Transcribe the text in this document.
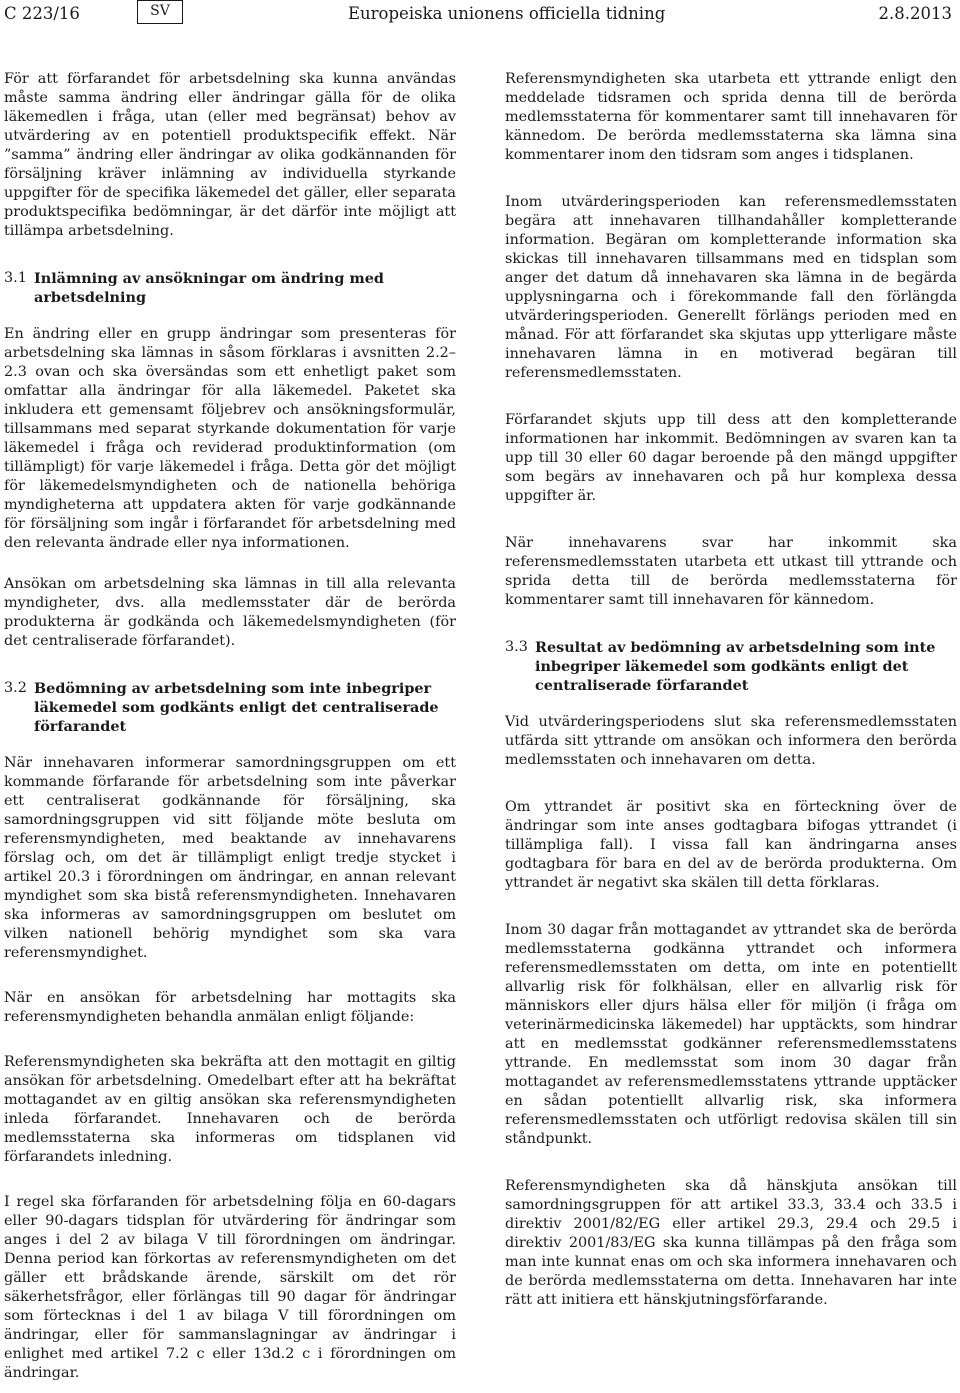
C 223/16	SV	Europeiska unionens officiella tidning	2.8.2013

För att förfarandet för arbetsdelning ska kunna användas måste samma ändring eller ändringar gälla för de olika läkemedlen i fråga, utan (eller med begränsat) behov av utvärdering av en potentiell produktspecifik effekt. När ”samma” ändring eller ändringar av olika godkännanden för försäljning kräver inlämning av individuella styrkande uppgifter för de specifika läkemedel det gäller, eller separata produktspecifika bedömningar, är det därför inte möjligt att tillämpa arbetsdelning.

3.1 Inlämning av ansökningar om ändring med arbetsdelning

En ändring eller en grupp ändringar som presenteras för arbetsdelning ska lämnas in såsom förklaras i avsnitten 2.2–2.3 ovan och ska översändas som ett enhetligt paket som omfattar alla ändringar för alla läkemedel. Paketet ska inkludera ett gemensamt följebrev och ansökningsformulär, tillsammans med separat styrkande dokumentation för varje läkemedel i fråga och reviderad produktinformation (om tillämpligt) för varje läkemedel i fråga. Detta gör det möjligt för läkemedelsmyndigheten och de nationella behöriga myndigheterna att uppdatera akten för varje godkännande för försäljning som ingår i förfarandet för arbetsdelning med den relevanta ändrade eller nya informationen.

Ansökan om arbetsdelning ska lämnas in till alla relevanta myndigheter, dvs. alla medlemsstater där de berörda produkterna är godkända och läkemedelsmyndigheten (för det centraliserade förfarandet).

3.2 Bedömning av arbetsdelning som inte inbegriper läkemedel som godkänts enligt det centraliserade förfarandet

När innehavaren informerar samordningsgruppen om ett kommande förfarande för arbetsdelning som inte påverkar ett centraliserat godkännande för försäljning, ska samordningsgruppen vid sitt följande möte besluta om referensmyndigheten, med beaktande av innehavarens förslag och, om det är tillämpligt enligt tredje stycket i artikel 20.3 i förordningen om ändringar, en annan relevant myndighet som ska bistå referensmyndigheten. Innehavaren ska informeras av samordningsgruppen om beslutet om vilken nationell behörig myndighet som ska vara referensmyndighet.

När en ansökan för arbetsdelning har mottagits ska referensmyndigheten behandla anmälan enligt följande:

Referensmyndigheten ska bekräfta att den mottagit en giltig ansökan för arbetsdelning. Omedelbart efter att ha bekräftat mottagandet av en giltig ansökan ska referensmyndigheten inleda förfarandet. Innehavaren och de berörda medlemsstaterna ska informeras om tidsplanen vid förfarandets inledning.

I regel ska förfaranden för arbetsdelning följa en 60-dagars eller 90-dagars tidsplan för utvärdering för ändringar som anges i del 2 av bilaga V till förordningen om ändringar. Denna period kan förkortas av referensmyndigheten om det gäller ett brådskande ärende, särskilt om det rör säkerhetsfrågor, eller förlängas till 90 dagar för ändringar som förtecknas i del 1 av bilaga V till förordningen om ändringar, eller för sammanslagningar av ändringar i enlighet med artikel 7.2 c eller 13d.2 c i förordningen om ändringar.

Referensmyndigheten ska utarbeta ett yttrande enligt den meddelade tidsramen och sprida denna till de berörda medlemsstaterna för kommentarer samt till innehavaren för kännedom. De berörda medlemsstaterna ska lämna sina kommentarer inom den tidsram som anges i tidsplanen.

Inom utvärderingsperioden kan referensmedlemsstaten begära att innehavaren tillhandahåller kompletterande information. Begäran om kompletterande information ska skickas till innehavaren tillsammans med en tidsplan som anger det datum då innehavaren ska lämna in de begärda upplysningarna och i förekommande fall den förlängda utvärderingsperioden. Generellt förlängs perioden med en månad. För att förfarandet ska skjutas upp ytterligare måste innehavaren lämna in en motiverad begäran till referensmedlemsstaten.

Förfarandet skjuts upp till dess att den kompletterande informationen har inkommit. Bedömningen av svaren kan ta upp till 30 eller 60 dagar beroende på den mängd uppgifter som begärs av innehavaren och på hur komplexa dessa uppgifter är.

När innehavarens svar har inkommit ska referensmedlemsstaten utarbeta ett utkast till yttrande och sprida detta till de berörda medlemsstaterna för kommentarer samt till innehavaren för kännedom.

3.3 Resultat av bedömning av arbetsdelning som inte inbegriper läkemedel som godkänts enligt det centraliserade förfarandet

Vid utvärderingsperiodens slut ska referensmedlemsstaten utfärda sitt yttrande om ansökan och informera den berörda medlemsstaten och innehavaren om detta.

Om yttrandet är positivt ska en förteckning över de ändringar som inte anses godtagbara bifogas yttrandet (i tillämpliga fall). I vissa fall kan ändringarna anses godtagbara för bara en del av de berörda produkterna. Om yttrandet är negativt ska skälen till detta förklaras.

Inom 30 dagar från mottagandet av yttrandet ska de berörda medlemsstaterna godkänna yttrandet och informera referensmedlemsstaten om detta, om inte en potentiellt allvarlig risk för folkhälsan, eller en allvarlig risk för människors eller djurs hälsa eller för miljön (i fråga om veterinärmedicinska läkemedel) har upptäckts, som hindrar att en medlemsstat godkänner referensmedlemsstatens yttrande. En medlemsstat som inom 30 dagar från mottagandet av referensmedlemsstatens yttrande upptäcker en sådan potentiellt allvarlig risk, ska informera referensmedlemsstaten och utförligt redovisa skälen till sin ståndpunkt.

Referensmyndigheten ska då hänskjuta ansökan till samordningsgruppen för att artikel 33.3, 33.4 och 33.5 i direktiv 2001/82/EG eller artikel 29.3, 29.4 och 29.5 i direktiv 2001/83/EG ska kunna tillämpas på den fråga som man inte kunnat enas om och ska informera innehavaren och de berörda medlemsstaterna om detta. Innehavaren har inte rätt att initiera ett hänskjutningsförfarande.
